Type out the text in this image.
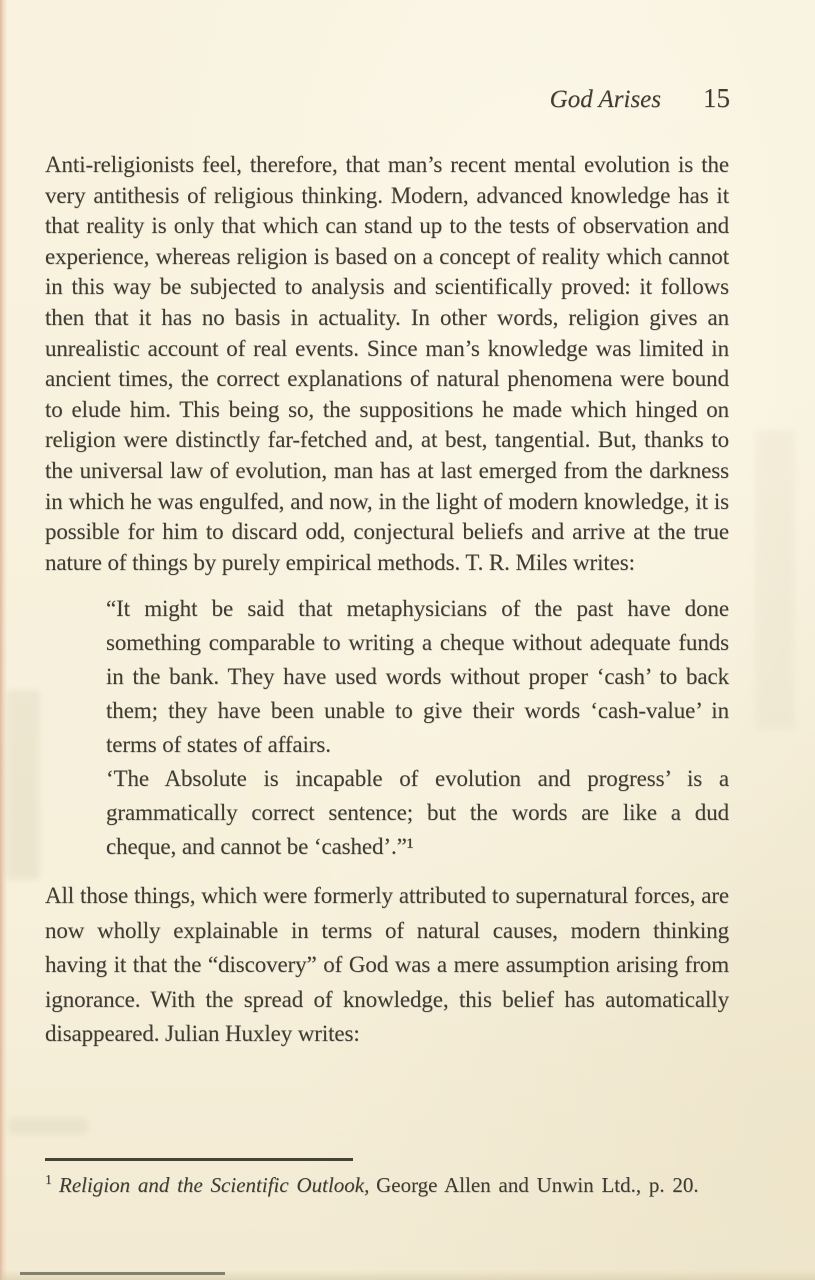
God Arises 15

Anti-religionists feel, therefore, that man’s recent mental evolution is the very antithesis of religious thinking. Modern, advanced knowledge has it that reality is only that which can stand up to the tests of observation and experience, whereas religion is based on a concept of reality which cannot in this way be subjected to analysis and scientifically proved: it follows then that it has no basis in actuality. In other words, religion gives an unrealistic account of real events. Since man’s knowledge was limited in ancient times, the correct explanations of natural phenomena were bound to elude him. This being so, the suppositions he made which hinged on religion were distinctly far-fetched and, at best, tangential. But, thanks to the universal law of evolution, man has at last emerged from the darkness in which he was engulfed, and now, in the light of modern knowledge, it is possible for him to discard odd, conjectural beliefs and arrive at the true nature of things by purely empirical methods. T. R. Miles writes:

“It might be said that metaphysicians of the past have done something comparable to writing a cheque without adequate funds in the bank. They have used words without proper ‘cash’ to back them; they have been unable to give their words ‘cash-value’ in terms of states of affairs.

‘The Absolute is incapable of evolution and progress’ is a grammatically correct sentence; but the words are like a dud cheque, and cannot be ‘cashed’.”¹

All those things, which were formerly attributed to supernatural forces, are now wholly explainable in terms of natural causes, modern thinking having it that the “discovery” of God was a mere assumption arising from ignorance. With the spread of knowledge, this belief has automatically disappeared. Julian Huxley writes:

$^1$ Religion and the Scientific Outlook, George Allen and Unwin Ltd., p. 20.
